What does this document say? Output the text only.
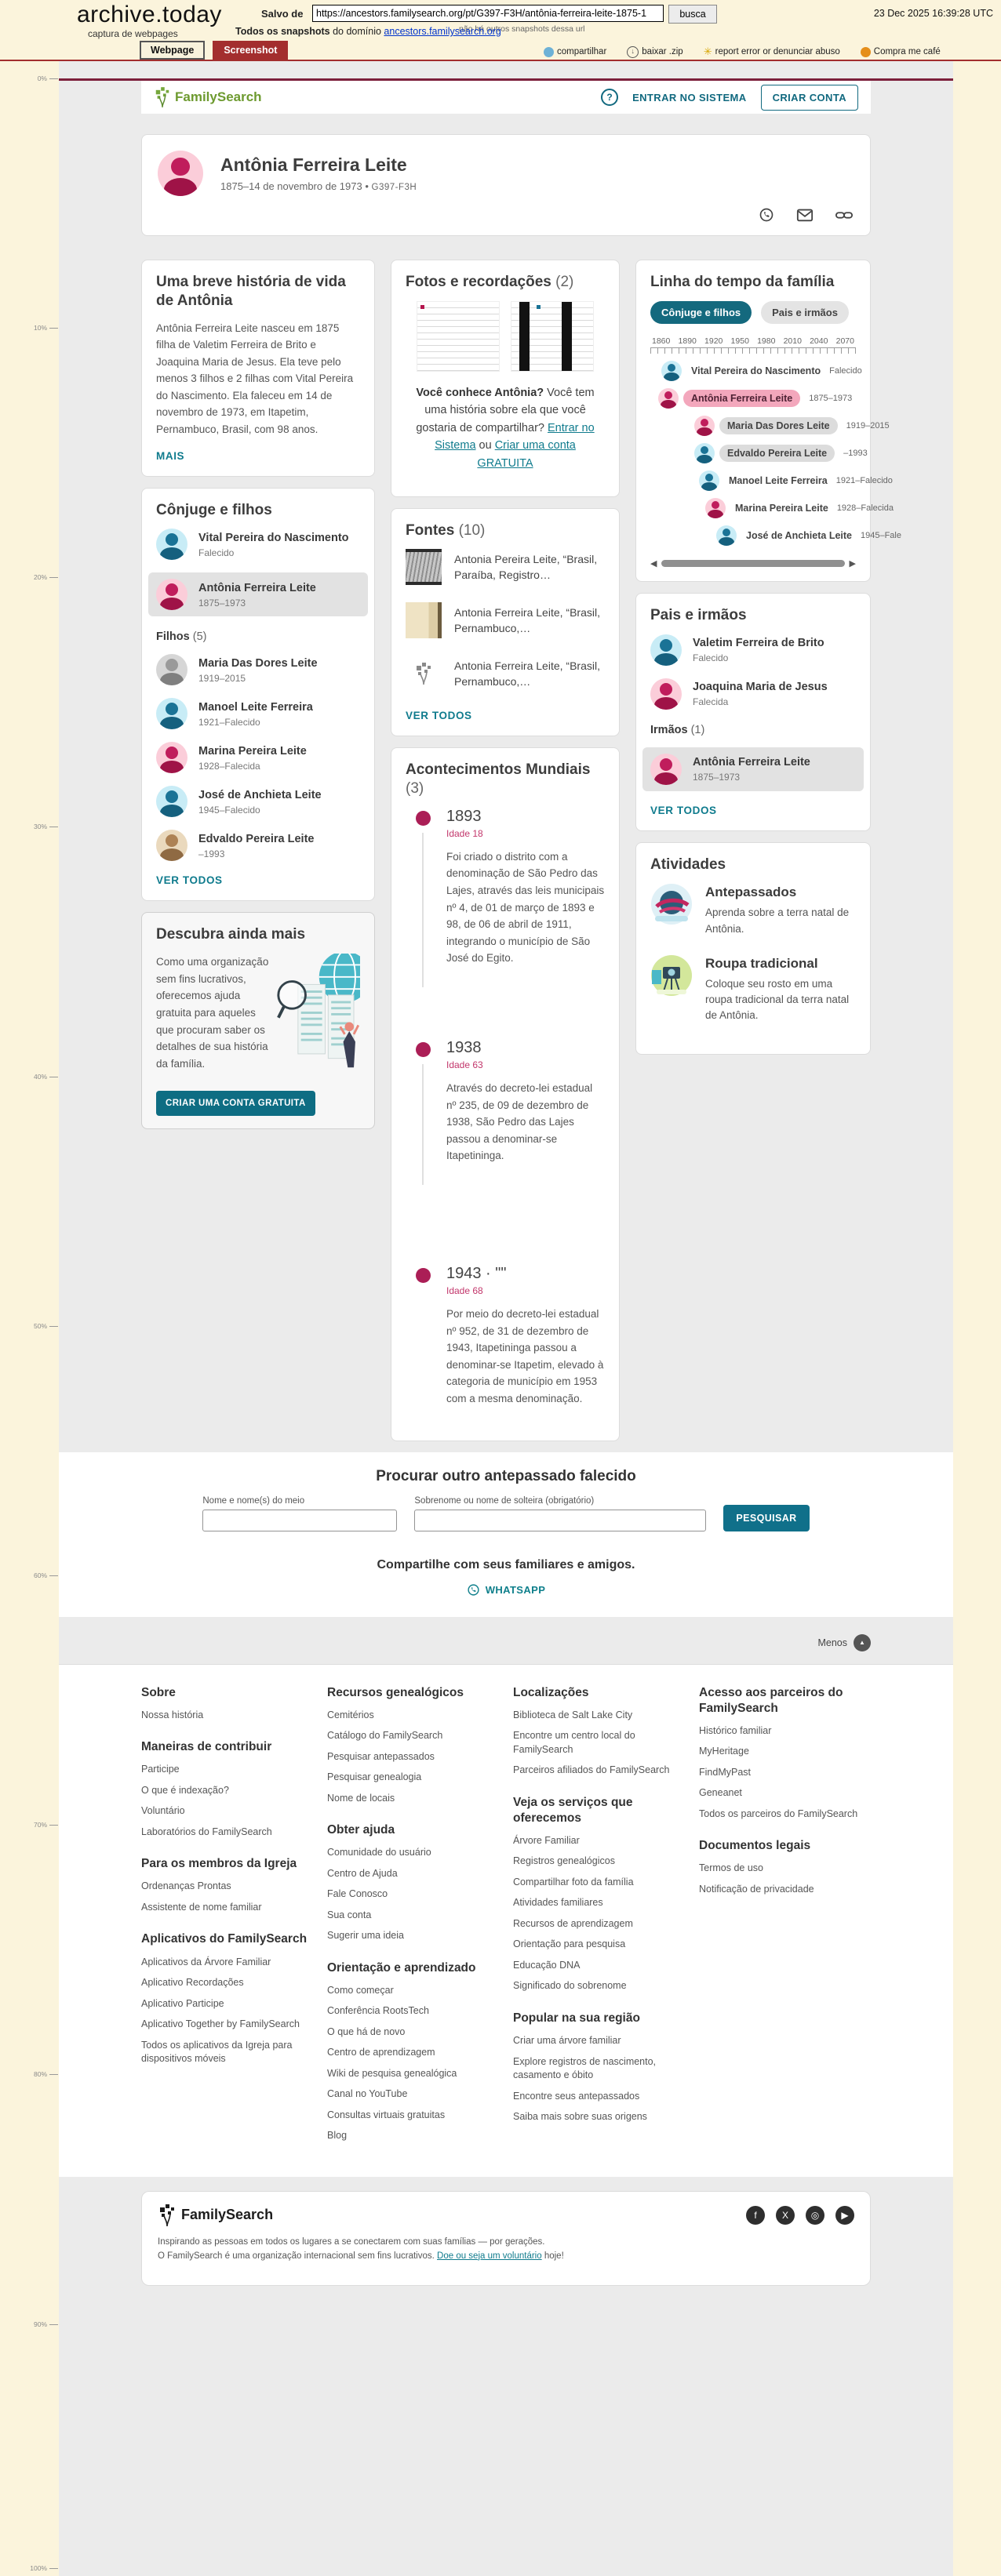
archive.today
captura de webpages
Salvo de
https://ancestors.familysearch.org/pt/G397-F3H/antônia-ferreira-leite-1875-1	busca
não há outros snapshots dessa url
23 Dec 2025 16:39:28 UTC
Todos os snapshots do domínio ancestors.familysearch.org
compartilhar	↓ baixar .zip ✳ report error or denunciar abuso	Compra me café
Webpage	Screenshot
0%
10%
20%
30%
40%
50%
60%
70%
80%
90%
100%
FamilySearch	?	ENTRAR NO SISTEMA	CRIAR CONTA
Antônia Ferreira Leite
1875–14 de novembro de 1973 • G397-F3H
Uma breve história de vida de Antônia

Antônia Ferreira Leite nasceu em 1875 filha de Valetim Ferreira de Brito e Joaquina Maria de Jesus. Ela teve pelo menos 3 filhos e 2 filhas com Vital Pereira do Nascimento. Ela faleceu em 14 de novembro de 1973, em Itapetim, Pernambuco, Brasil, com 98 anos.

MAIS
Cônjuge e filhos
Vital Pereira do Nascimento
Falecido
Antônia Ferreira Leite
1875–1973
Filhos (5)
Maria Das Dores Leite
1919–2015
Manoel Leite Ferreira
1921–Falecido
Marina Pereira Leite
1928–Falecida
José de Anchieta Leite
1945–Falecido
Edvaldo Pereira Leite
–1993
VER TODOS
Descubra ainda mais

Como uma organização sem fins lucrativos, oferecemos ajuda gratuita para aqueles que procuram saber os detalhes de sua história da família.

CRIAR UMA CONTA GRATUITA
Fotos e recordações (2)

Você conhece Antônia? Você tem uma história sobre ela que você gostaria de compartilhar? Entrar no Sistema ou Criar uma conta GRATUITA

Fontes (10)
Antonia Pereira Leite, “Brasil, Paraíba, Registro…
Antonia Ferreira Leite, “Brasil, Pernambuco,…
Antonia Ferreira Leite, “Brasil, Pernambuco,…
VER TODOS
Acontecimentos Mundiais (3)
1893
Idade 18

Foi criado o distrito com a denominação de São Pedro das Lajes, através das leis municipais nº 4, de 01 de março de 1893 e 98, de 06 de abril de 1911, integrando o município de São José do Egito.

1938
Idade 63

Através do decreto-lei estadual nº 235, de 09 de dezembro de 1938, São Pedro das Lajes passou a denominar-se Itapetininga.

1943 · ""
Idade 68

Por meio do decreto-lei estadual nº 952, de 31 de dezembro de 1943, Itapetininga passou a denominar-se Itapetim, elevado à categoria de município em 1953 com a mesma denominação.

Linha do tempo da família
Cônjuge e filhos	Pais e irmãos
1860 1890 1920 1950 1980 2010 2040 2070
Vital Pereira do Nascimento Falecido
Antônia Ferreira Leite	1875–1973
Maria Das Dores Leite	1919–2015
Edvaldo Pereira Leite	–1993
Manoel Leite Ferreira 1921–Falecido
Marina Pereira Leite 1928–Falecida
José de Anchieta Leite 1945–Fale
◀	▶
Pais e irmãos
Valetim Ferreira de Brito
Falecido
Joaquina Maria de Jesus
Falecida
Irmãos (1)
Antônia Ferreira Leite
1875–1973
VER TODOS
Atividades
Antepassados

Aprenda sobre a terra natal de Antônia.

Roupa tradicional

Coloque seu rosto em uma roupa tradicional da terra natal de Antônia.

Procurar outro antepassado falecido
Nome e nome(s) do meio	Sobrenome ou nome de solteira (obrigatório)
PESQUISAR
Compartilhe com seus familiares e amigos.
WHATSAPP
Menos	▲
Sobre
Nossa história
Maneiras de contribuir
Participe
O que é indexação?
Voluntário
Laboratórios do FamilySearch
Para os membros da Igreja
Ordenanças Prontas
Assistente de nome familiar
Aplicativos do FamilySearch
Aplicativos da Árvore Familiar
Aplicativo Recordações
Aplicativo Participe
Aplicativo Together by FamilySearch
Todos os aplicativos da Igreja para dispositivos móveis
Recursos genealógicos
Cemitérios
Catálogo do FamilySearch
Pesquisar antepassados
Pesquisar genealogia
Nome de locais
Obter ajuda
Comunidade do usuário
Centro de Ajuda
Fale Conosco
Sua conta
Sugerir uma ideia
Orientação e aprendizado
Como começar
Conferência RootsTech
O que há de novo
Centro de aprendizagem
Wiki de pesquisa genealógica
Canal no YouTube
Consultas virtuais gratuitas
Blog
Localizações
Biblioteca de Salt Lake City
Encontre um centro local do FamilySearch
Parceiros afiliados do FamilySearch
Veja os serviços que oferecemos
Árvore Familiar
Registros genealógicos
Compartilhar foto da família
Atividades familiares
Recursos de aprendizagem
Orientação para pesquisa
Educação DNA
Significado do sobrenome
Popular na sua região
Criar uma árvore familiar
Explore registros de nascimento, casamento e óbito
Encontre seus antepassados
Saiba mais sobre suas origens
Acesso aos parceiros do FamilySearch
Histórico familiar
MyHeritage
FindMyPast
Geneanet
Todos os parceiros do FamilySearch
Documentos legais
Termos de uso
Notificação de privacidade
FamilySearch	f	X	◎	▶

Inspirando as pessoas em todos os lugares a se conectarem com suas famílias — por gerações.
O FamilySearch é uma organização internacional sem fins lucrativos. Doe ou seja um voluntário hoje!
